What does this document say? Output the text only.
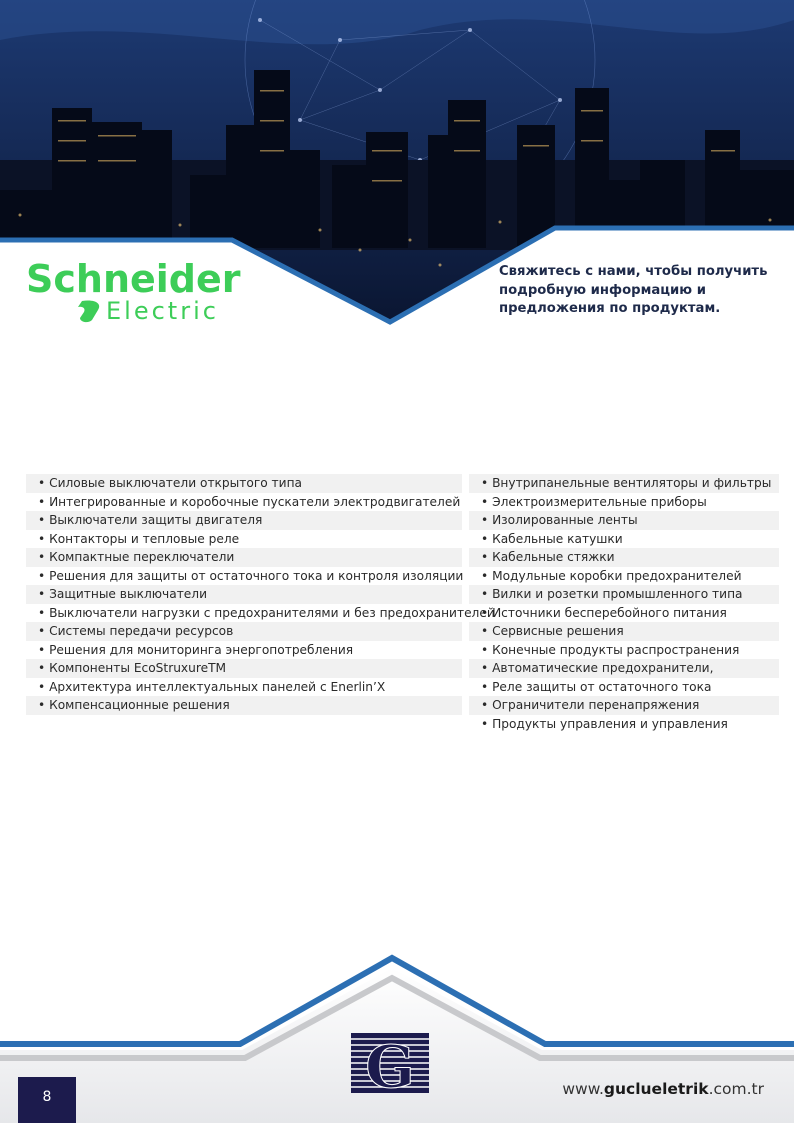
Schneider
Electric
Свяжитесь с нами, чтобы получить подробную информацию и предложения по продуктам.
• Силовые выключатели открытого типа
• Интегрированные и коробочные пускатели электродвигателей
• Выключатели защиты двигателя
• Контакторы и тепловые реле
• Компактные переключатели
• Решения для защиты от остаточного тока и контроля изоляции
• Защитные выключатели
• Выключатели нагрузки с предохранителями и без предохранителей
• Системы передачи ресурсов
• Решения для мониторинга энергопотребления
• Компоненты EcoStruxureTM
• Архитектура интеллектуальных панелей с Enerlin’X
• Компенсационные решения
• Внутрипанельные вентиляторы и фильтры
• Электроизмерительные приборы
• Изолированные ленты
• Кабельные катушки
• Кабельные стяжки
• Модульные коробки предохранителей
• Вилки и розетки промышленного типа
• Источники бесперебойного питания
• Сервисные решения
• Конечные продукты распространения
• Автоматические предохранители,
• Реле защиты от остаточного тока
• Ограничители перенапряжения
• Продукты управления и управления
G
8	www.guclueletrik.com.tr
